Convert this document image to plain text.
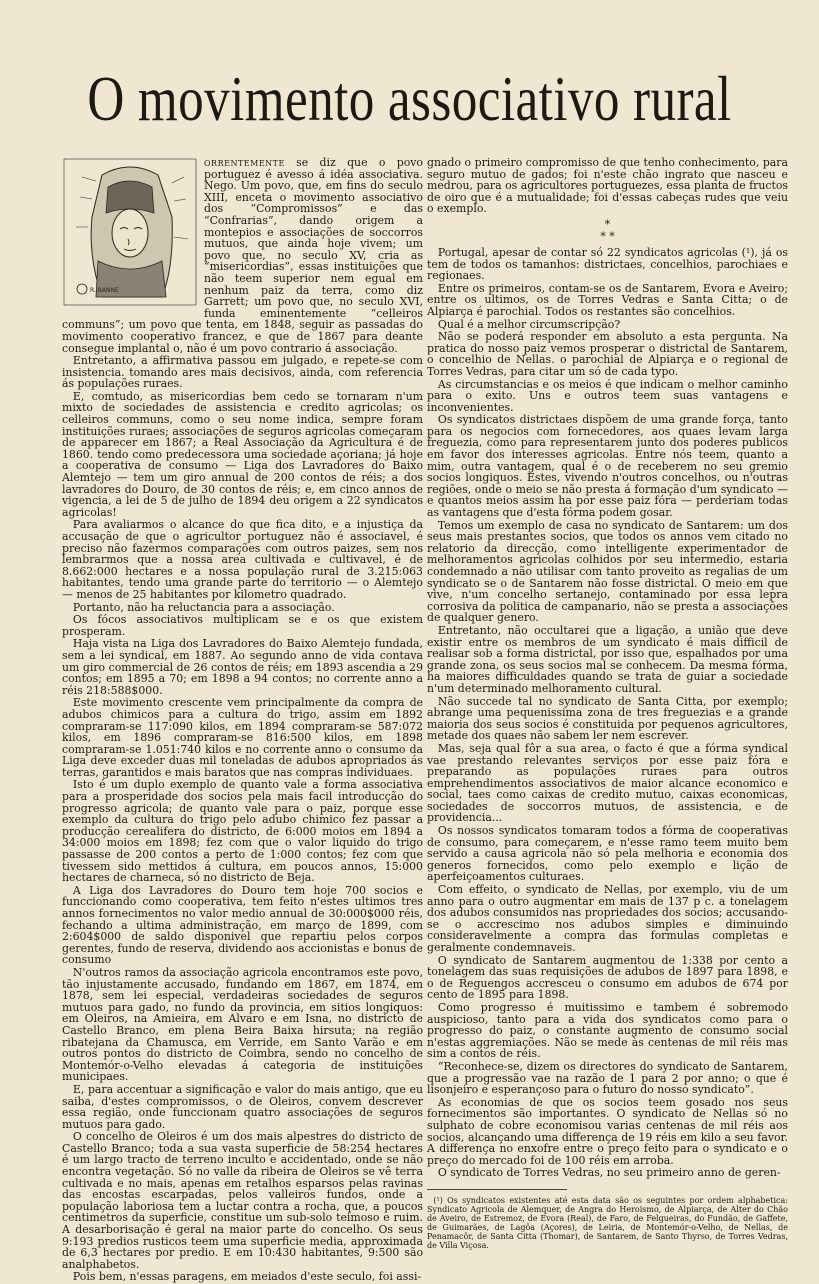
O movimento associativo rural
R. BANNE

orrentemente se diz que o povo portuguez é avesso á idéa associativa. Nego. Um povo, que, em fins do seculo XIII, enceta o movimento associativo dos “Compromissos” e das “Confrarias”, dando origem a montepios e associações de soccorros mutuos, que ainda hoje vivem; um povo que, no seculo XV, cria as “misericordias”, essas instituições que não teem superior nem egual em nenhum paiz da terra, como diz Garrett; um povo que, no seculo XVI, funda eminentemente “celleiros communs”; um povo que tenta, em 1848, seguir as passadas do movimento cooperativo francez, e que de 1867 para deante consegue implantal o, não é um povo contrario á associação.

Entretanto, a affirmativa passou em julgado, e repete-se com insistencia. tomando ares mais decisivos, ainda, com referencia ás populações ruraes.

E, comtudo, as misericordias bem cedo se tornaram n'um mixto de sociedades de assistencia e credito agricolas; os celleiros communs, como o seu nome indica, sempre foram instituições ruraes; associações de seguros agricolas começaram de apparecer em 1867; a Real Associação da Agricultura é de 1860. tendo como predecessora uma sociedade açoriana; já hoje a cooperativa de consumo — Liga dos Lavradores do Baixo Alemtejo — tem um giro annual de 200 contos de réis; a dos lavradores do Douro, de 30 contos de réis; e, em cinco annos de vigencia, a lei de 5 de julho de 1894 deu origem a 22 syndicatos agricolas!

Para avaliarmos o alcance do que fica dito, e a injustiça da accusação de que o agricultor portuguez não é associavel, é preciso não fazermos comparações com outros paizes, sem nos lembrarmos que a nossa area cultivada e cultivavel, é de 8.662:000 hectares e a nossa população rural de 3.215:063 habitantes, tendo uma grande parte do territorio — o Alemtejo — menos de 25 habitantes por kilometro quadrado.

Portanto, não ha reluctancia para a associação.

Os fócos associativos multiplicam se e os que existem prosperam.

Haja vista na Liga dos Lavradores do Baixo Alemtejo fundada, sem a lei syndical, em 1887. Ao segundo anno de vida contava um giro commercial de 26 contos de réis; em 1893 ascendia a 29 contos; em 1895 a 70; em 1898 a 94 contos; no corrente anno a réis 218:588$000.

Este movimento crescente vem principalmente da compra de adubos chimicos para a cultura do trigo, assim em 1892 compraram-se 117:090 kilos, em 1894 compraram-se 587:072 kilos, em 1896 compraram-se 816:500 kilos, em 1898 compraram-se 1.051:740 kilos e no corrente anno o consumo da Liga deve exceder duas mil toneladas de adubos apropriados ás terras, garantidos e mais baratos que nas compras individuaes.

Isto é um duplo exemplo de quanto vale a forma associativa para a prosperidade dos socios pela mais facil introducção do progresso agricola; de quanto vale para o paiz, porque esse exemplo da cultura do trigo pelo adubo chimico fez passar a producção cerealifera do districto, de 6:000 moios em 1894 a 34:000 moios em 1898; fez com que o valor liquido do trigo passasse de 200 contos a perto de 1:000 contos; fez com que tivessem sido mettidos á cultura, em poucos annos, 15:000 hectares de charneca, só no districto de Beja.

A Liga dos Lavradores do Douro tem hoje 700 socios e funccionando como cooperativa, tem feito n'estes ultimos tres annos fornecimentos no valor medio annual de 30:000$000 réis, fechando a ultima administração, em março de 1899, com 2:604$000 de saldo disponivel que repartiu pelos corpos gerentes, fundo de reserva, dividendo aos accionistas e bonus de consumo

N'outros ramos da associação agricola encontramos este povo, tão injustamente accusado, fundando em 1867, em 1874, em 1878, sem lei especial, verdadeiras sociedades de seguros mutuos para gado, no fundo da provincia, em sitios longiquos: em Oleiros, na Amieira, em Alvaro e em Isna, no districto de Castello Branco, em plena Beira Baixa hirsuta; na região ribatejana da Chamusca, em Verride, em Santo Varão e em outros pontos do districto de Coimbra, sendo no concelho de Montemór-o-Velho elevadas á categoria de instituições municipaes.

E, para accentuar a significação e valor do mais antigo, que eu saiba, d'estes compromissos, o de Oleiros, convem descrever essa região, onde funccionam quatro associações de seguros mutuos para gado.

O concelho de Oleiros é um dos mais alpestres do districto de Castello Branco; toda a sua vasta superficie de 58:254 hectares é um largo tracto de terreno inculto e accidentado, onde se não encontra vegetação. Só no valle da ribeira de Oleiros se vê terra cultivada e no mais, apenas em retalhos esparsos pelas ravinas das encostas escarpadas, pelos valleiros fundos, onde a população laboriosa tem a luctar contra a rocha, que, a poucos centimetros da superficie, constitue um sub-solo teimoso e ruim. A desarborisação é geral na maior parte do concelho. Os seus 9:193 predios rusticos teem uma superficie media, approximada de 6,3 hectares por predio. E em 10:430 habitantes, 9:500 são analphabetos.

Pois bem, n'essas paragens, em meiados d'este seculo, foi assi-

gnado o primeiro compromisso de que tenho conhecimento, para seguro mutuo de gados; foi n'este chão ingrato que nasceu e medrou, para os agricultores portuguezes, essa planta de fructos de oiro que é a mutualidade; foi d'essas cabeças rudes que veiu o exemplo.

*
* *

Portugal, apesar de contar só 22 syndicatos agricolas (¹), já os tem de todos os tamanhos: districtaes, concelhios, parochiaes e regionaes.

Entre os primeiros, contam-se os de Santarem, Evora e Aveiro; entre os ultimos, os de Torres Vedras e Santa Citta; o de Alpiarça é parochial. Todos os restantes são concelhios.

Qual é a melhor circumscripção?

Não se poderá responder em absoluto a esta pergunta. Na pratica do nosso paiz vemos prosperar o districtal de Santarem, o concelhio de Nellas. o parochial de Alpiarça e o regional de Torres Vedras, para citar um só de cada typo.

As circumstancias e os meios é que indicam o melhor caminho para o exito. Uns e outros teem suas vantagens e inconvenientes.

Os syndicatos districtaes dispõem de uma grande força, tanto para os negocios com fornecedores, aos quaes levam larga freguezia, como para representarem junto dos poderes publicos em favor dos interesses agricolas. Entre nós teem, quanto a mim, outra vantagem, qual é o de receberem no seu gremio socios longiquos. Estes, vivendo n'outros concelhos, ou n'outras regiões, onde o meio se não presta á formação d'um syndicato — e quantos meios assim ha por esse paiz fóra — perderiam todas as vantagens que d'esta fórma podem gosar.

Temos um exemplo de casa no syndicato de Santarem: um dos seus mais prestantes socios, que todos os annos vem citado no relatorio da direcção, como intelligente experimentador de melhoramentos agricolas colhidos por seu intermedio, estaria condemnado a não utilisar com tanto proveito as regalias de um syndicato se o de Santarem não fosse districtal. O meio em que vive, n'um concelho sertanejo, contaminado por essa lepra corrosiva da politica de campanario, não se presta a associações de qualquer genero.

Entretanto, não occultarei que a ligação, a união que deve existir entre os membros de um syndicato é mais difficil de realisar sob a forma districtal, por isso que, espalhados por uma grande zona, os seus socios mal se conhecem. Da mesma fórma, ha maiores difficuldades quando se trata de guiar a sociedade n'um determinado melhoramento cultural.

Não succede tal no syndicato de Santa Citta, por exemplo; abrange uma pequenissima zona de tres freguezias e a grande maioria dos seus socios é constituida por pequenos agricultores, metade dos quaes não sabem ler nem escrever.

Mas, seja qual fôr a sua area, o facto é que a fórma syndical vae prestando relevantes serviços por esse paiz fóra e preparando as populações ruraes para outros emprehendimentos associativos de maior alcance economico e social, taes como caixas de credito mutuo, caixas economicas, sociedades de soccorros mutuos, de assistencia, e de providencia...

Os nossos syndicatos tomaram todos a fórma de cooperativas de consumo, para começarem, e n'esse ramo teem muito bem servido a causa agricola não só pela melhoria e economia dos generos fornecidos, como pelo exemplo e lição de aperfeiçoamentos culturaes.

Com effeito, o syndicato de Nellas, por exemplo, viu de um anno para o outro augmentar em mais de 137 p c. a tonelagem dos adubos consumidos nas propriedades dos socios; accusando-se o accrescimo nos adubos simples e diminuindo consideravelmente a compra das formulas completas e geralmente condemnaveis.

O syndicato de Santarem augmentou de 1:338 por cento a tonelagem das suas requisições de adubos de 1897 para 1898, e o de Reguengos accresceu o consumo em adubos de 674 por cento de 1895 para 1898.

Como progresso é muitissimo e tambem é sobremodo auspicioso, tanto para a vida dos syndicatos como para o progresso do paiz, o constante augmento de consumo social n'estas aggremiações. Não se mede às centenas de mil réis mas sim a contos de réis.

“Reconhece-se, dizem os directores do syndicato de Santarem, que a progressão vae na razão de 1 para 2 por anno; o que é lisonjeiro e esperançoso para o futuro do nosso syndicato”.

As economias de que os socios teem gosado nos seus fornecimentos são importantes. O syndicato de Nellas só no sulphato de cobre economisou varias centenas de mil réis aos socios, alcançando uma differença de 19 réis em kilo a seu favor. A differença no enxofre entre o preço feito para o syndicato e o preço do mercado foi de 100 réis em arroba.

O syndicato de Torres Vedras, no seu primeiro anno de geren-

(¹) Os syndicatos existentes até esta data são os seguintes por ordem alphabetica: Syndicato Agricola de Alemquer, de Angra do Heroismo, de Alpiarça, de Alter do Chão de Aveiro, de Estremoz, de Evora (Real), de Faro, de Felgueiras, do Fundão, de Gaffete, de Guimarães, de Lagôa (Açores), de Leiria, de Montemór-o-Velho, de Nellas, de Penamacôr, de Santa Citta (Thomar), de Santarem, de Santo Thyrso, de Torres Vedras, de Villa Viçosa.
